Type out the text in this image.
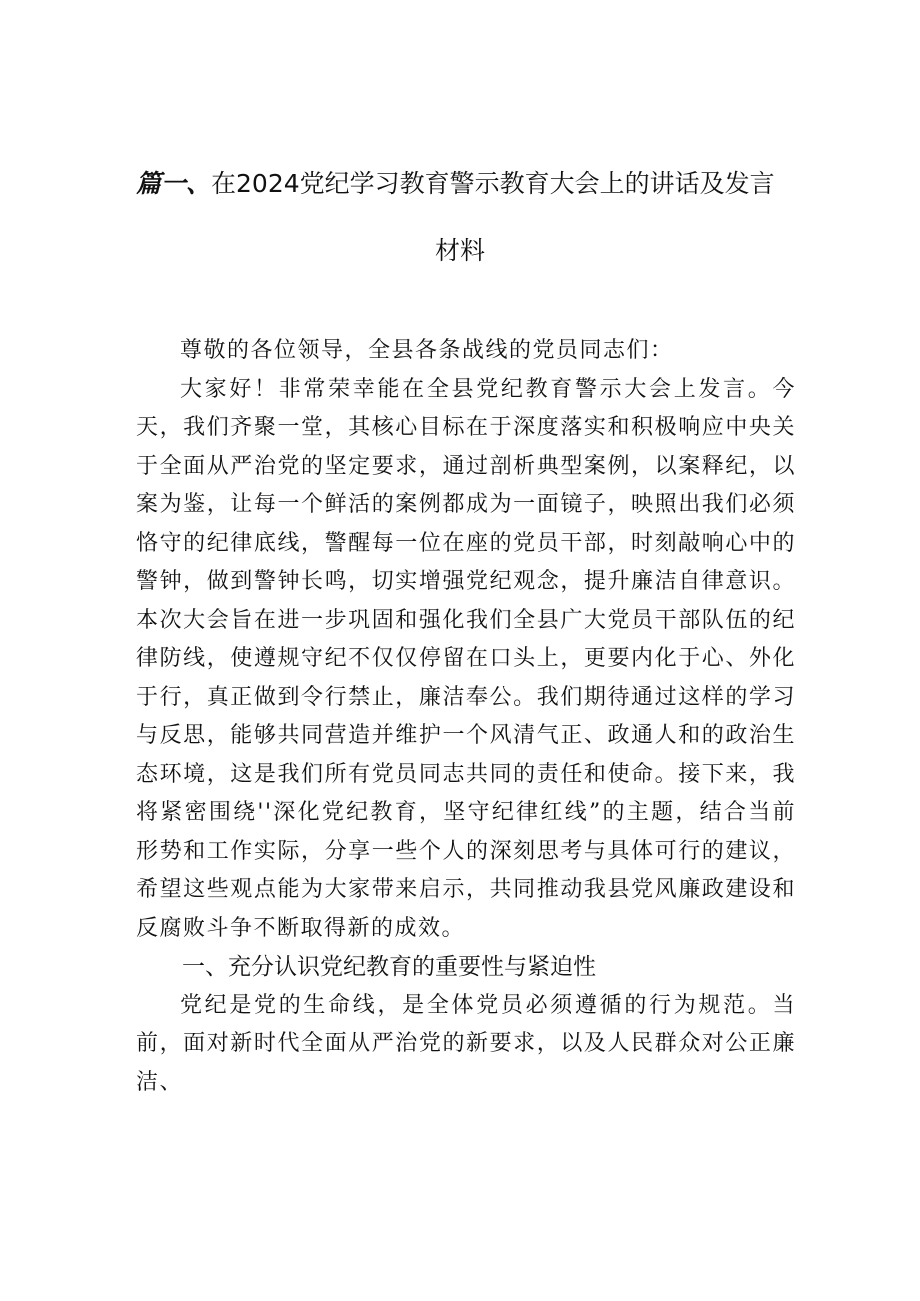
篇一、在2024党纪学习教育警示教育大会上的讲话及发言
材料

尊敬的各位领导，全县各条战线的党员同志们：

大家好！非常荣幸能在全县党纪教育警示大会上发言。今天，我们齐聚一堂，其核心目标在于深度落实和积极响应中央关于全面从严治党的坚定要求，通过剖析典型案例，以案释纪，以案为鉴，让每一个鲜活的案例都成为一面镜子，映照出我们必须恪守的纪律底线，警醒每一位在座的党员干部，时刻敲响心中的警钟，做到警钟长鸣，切实增强党纪观念，提升廉洁自律意识。本次大会旨在进一步巩固和强化我们全县广大党员干部队伍的纪律防线，使遵规守纪不仅仅停留在口头上，更要内化于心、外化于行，真正做到令行禁止，廉洁奉公。我们期待通过这样的学习与反思，能够共同营造并维护一个风清气正、政通人和的政治生态环境，这是我们所有党员同志共同的责任和使命。接下来，我将紧密围绕''深化党纪教育，坚守纪律红线”的主题，结合当前形势和工作实际，分享一些个人的深刻思考与具体可行的建议，希望这些观点能为大家带来启示，共同推动我县党风廉政建设和反腐败斗争不断取得新的成效。

一、充分认识党纪教育的重要性与紧迫性

党纪是党的生命线，是全体党员必须遵循的行为规范。当前，面对新时代全面从严治党的新要求，以及人民群众对公正廉洁、
